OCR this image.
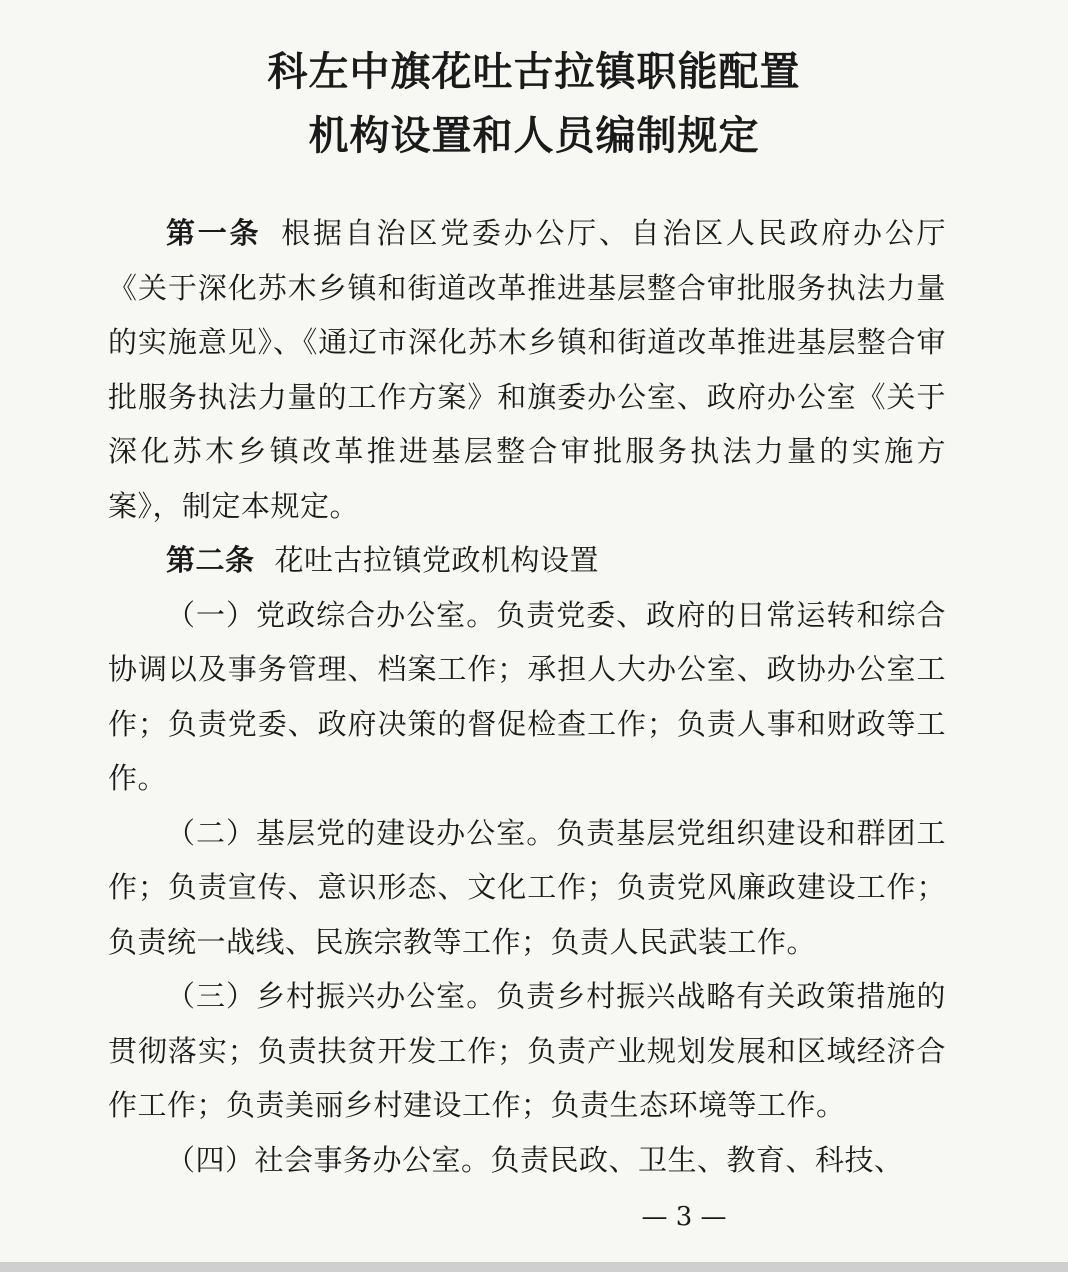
科左中旗花吐古拉镇职能配置
机构设置和人员编制规定

第一条 根据自治区党委办公厅、自治区人民政府办公厅《关于深化苏木乡镇和街道改革推进基层整合审批服务执法力量的实施意见》、《通辽市深化苏木乡镇和街道改革推进基层整合审批服务执法力量的工作方案》和旗委办公室、政府办公室《关于深化苏木乡镇改革推进基层整合审批服务执法力量的实施方案》，制定本规定。

第二条 花吐古拉镇党政机构设置

（一）党政综合办公室。负责党委、政府的日常运转和综合协调以及事务管理、档案工作；承担人大办公室、政协办公室工作；负责党委、政府决策的督促检查工作；负责人事和财政等工作。

（二）基层党的建设办公室。负责基层党组织建设和群团工作；负责宣传、意识形态、文化工作；负责党风廉政建设工作；负责统一战线、民族宗教等工作；负责人民武装工作。

（三）乡村振兴办公室。负责乡村振兴战略有关政策措施的贯彻落实；负责扶贫开发工作；负责产业规划发展和区域经济合作工作；负责美丽乡村建设工作；负责生态环境等工作。

（四）社会事务办公室。负责民政、卫生、教育、科技、

— 3 —
